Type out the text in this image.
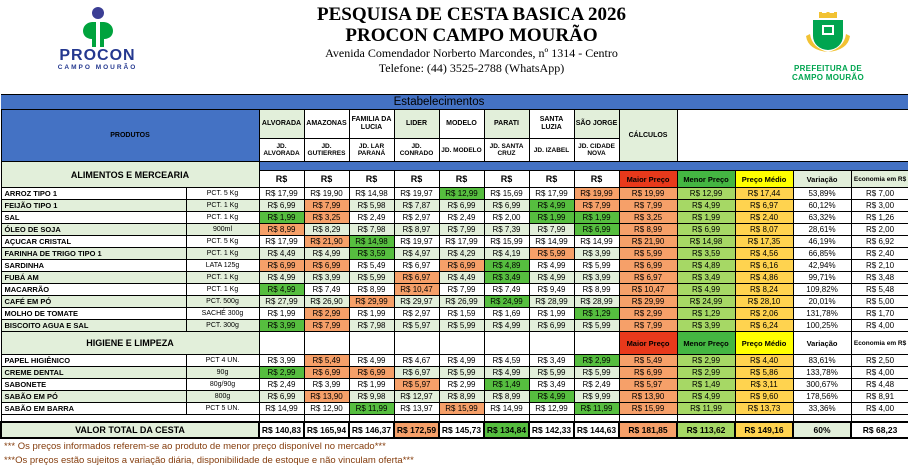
PROCON
CAMPO MOURÃO
PESQUISA DE CESTA BASICA 2026
PROCON CAMPO MOURÃO
Avenida Comendador Norberto Marcondes, nº 1314 - Centro
Telefone: (44) 3525-2788 (WhatsApp)	PREFEITURA DE
CAMPO MOURÃO
		Estabelecimentos												
PRODUTOS		ALVORADA	AMAZONAS	FAMILIA DA LUCIA	LIDER	MODELO	PARATI	SANTA LUZIA	SÃO JORGE	CÁLCULOS				
		JD. ALVORADA	JD. GUTIERRES	JD. LAR PARANÁ	JD. CONRADO	JD. MODELO	JD. SANTA CRUZ	JD. IZABEL	JD. CIDADE NOVA					
ALIMENTOS E MERCEARIA														
		R$	R$	R$	R$	R$	R$	R$	R$	Maior Preço	Menor Preço	Preço Médio	Variação	Economia em R$
ARROZ TIPO 1	PCT. 5 Kg	R$ 17,99	R$ 19,90	R$ 14,98	R$ 19,97	R$ 12,99	R$ 15,69	R$ 17,99	R$ 19,99	R$ 19,99	R$ 12,99	R$ 17,44	53,89%	R$ 7,00
FEIJÃO TIPO 1	PCT. 1 Kg	R$ 6,99	R$ 7,99	R$ 5,98	R$ 7,87	R$ 6,99	R$ 6,99	R$ 4,99	R$ 7,99	R$ 7,99	R$ 4,99	R$ 6,97	60,12%	R$ 3,00
SAL	PCT. 1 Kg	R$ 1,99	R$ 3,25	R$ 2,49	R$ 2,97	R$ 2,49	R$ 2,00	R$ 1,99	R$ 1,99	R$ 3,25	R$ 1,99	R$ 2,40	63,32%	R$ 1,26
ÓLEO DE SOJA	900ml	R$ 8,99	R$ 8,29	R$ 7,98	R$ 8,97	R$ 7,99	R$ 7,39	R$ 7,99	R$ 6,99	R$ 8,99	R$ 6,99	R$ 8,07	28,61%	R$ 2,00
AÇUCAR CRISTAL	PCT. 5 Kg	R$ 17,99	R$ 21,90	R$ 14,98	R$ 19,97	R$ 17,99	R$ 15,99	R$ 14,99	R$ 14,99	R$ 21,90	R$ 14,98	R$ 17,35	46,19%	R$ 6,92
FARINHA DE TRIGO TIPO 1	PCT. 1 Kg	R$ 4,49	R$ 4,99	R$ 3,59	R$ 4,97	R$ 4,29	R$ 4,19	R$ 5,99	R$ 3,99	R$ 5,99	R$ 3,59	R$ 4,56	66,85%	R$ 2,40
SARDINHA	LATA 125g	R$ 6,99	R$ 6,99	R$ 5,49	R$ 6,97	R$ 6,99	R$ 4,89	R$ 4,99	R$ 5,99	R$ 6,99	R$ 4,89	R$ 6,16	42,94%	R$ 2,10
FUBÁ AM	PCT. 1 Kg	R$ 4,99	R$ 3,99	R$ 5,99	R$ 6,97	R$ 4,49	R$ 3,49	R$ 4,99	R$ 3,99	R$ 6,97	R$ 3,49	R$ 4,86	99,71%	R$ 3,48
MACARRÃO	PCT. 1 Kg	R$ 4,99	R$ 7,49	R$ 8,99	R$ 10,47	R$ 7,99	R$ 7,49	R$ 9,49	R$ 8,99	R$ 10,47	R$ 4,99	R$ 8,24	109,82%	R$ 5,48
CAFÉ EM PÓ	PCT. 500g	R$ 27,99	R$ 26,90	R$ 29,99	R$ 29,97	R$ 26,99	R$ 24,99	R$ 28,99	R$ 28,99	R$ 29,99	R$ 24,99	R$ 28,10	20,01%	R$ 5,00
MOLHO DE TOMATE	SACHÉ 300g	R$ 1,99	R$ 2,99	R$ 1,99	R$ 2,97	R$ 1,59	R$ 1,69	R$ 1,99	R$ 1,29	R$ 2,99	R$ 1,29	R$ 2,06	131,78%	R$ 1,70
BISCOITO AGUA E SAL	PCT. 300g	R$ 3,99	R$ 7,99	R$ 7,98	R$ 5,97	R$ 5,99	R$ 4,99	R$ 6,99	R$ 5,99	R$ 7,99	R$ 3,99	R$ 6,24	100,25%	R$ 4,00
HIGIENE E LIMPEZA										Maior Preço	Menor Preço	Preço Médio	Variação	Economia em R$
PAPEL HIGIÊNICO	PCT 4 UN.	R$ 3,99	R$ 5,49	R$ 4,99	R$ 4,67	R$ 4,99	R$ 4,59	R$ 3,49	R$ 2,99	R$ 5,49	R$ 2,99	R$ 4,40	83,61%	R$ 2,50
CREME DENTAL	90g	R$ 2,99	R$ 6,99	R$ 6,99	R$ 6,97	R$ 5,99	R$ 4,99	R$ 5,99	R$ 5,99	R$ 6,99	R$ 2,99	R$ 5,86	133,78%	R$ 4,00
SABONETE	80g/90g	R$ 2,49	R$ 3,99	R$ 1,99	R$ 5,97	R$ 2,99	R$ 1,49	R$ 3,49	R$ 2,49	R$ 5,97	R$ 1,49	R$ 3,11	300,67%	R$ 4,48
SABÃO EM PÓ	800g	R$ 6,99	R$ 13,90	R$ 9,98	R$ 12,97	R$ 8,99	R$ 8,99	R$ 4,99	R$ 9,99	R$ 13,90	R$ 4,99	R$ 9,60	178,56%	R$ 8,91
SABÃO EM BARRA	PCT 5 UN.	R$ 14,99	R$ 12,90	R$ 11,99	R$ 13,97	R$ 15,99	R$ 14,99	R$ 12,99	R$ 11,99	R$ 15,99	R$ 11,99	R$ 13,73	33,36%	R$ 4,00

VALOR TOTAL DA CESTA		R$ 140,83	R$ 165,94	R$ 146,37	R$ 172,59	R$ 145,73	R$ 134,84	R$ 142,33	R$ 144,63	R$ 181,85	R$ 113,62	R$ 149,16	60%	R$ 68,23
*** Os preços informados referem-se ao produto de menor preço disponível no mercado***
***Os preços estão sujeitos a variação diária, disponibilidade de estoque e não vinculam oferta***
